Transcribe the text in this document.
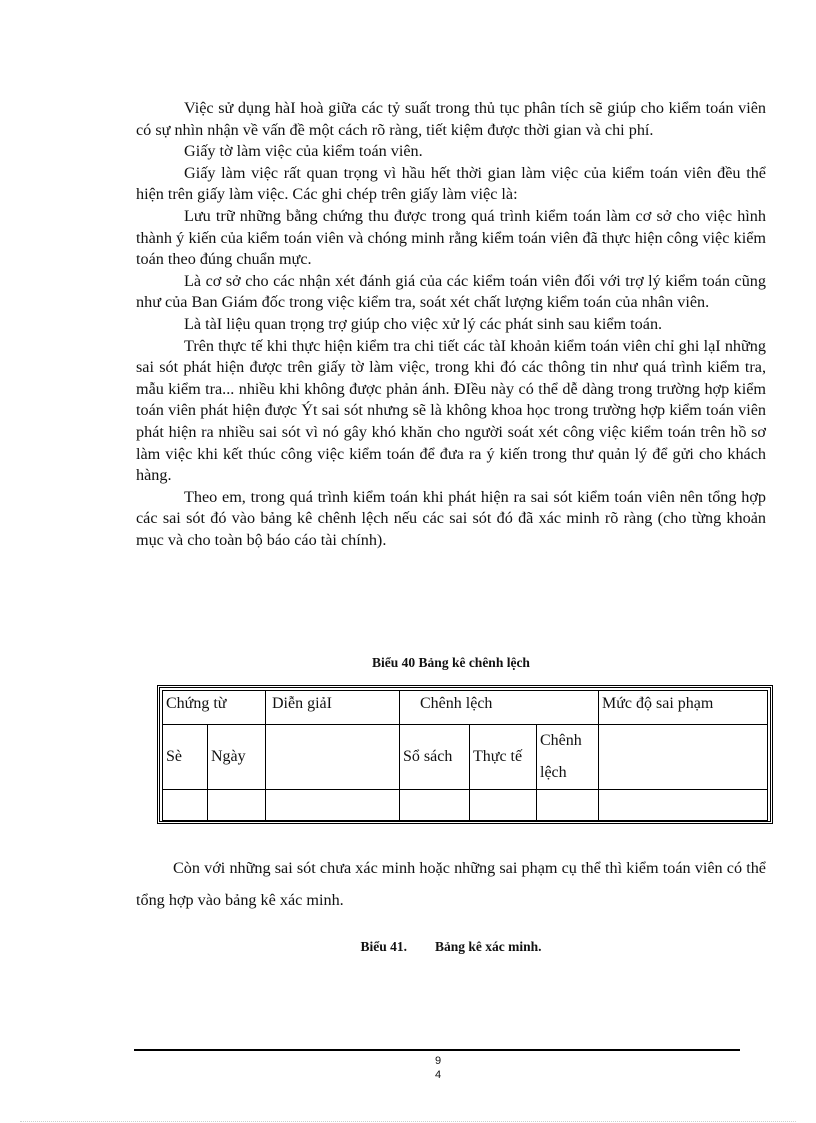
Việc sử dụng hàI hoà giữa các tỷ suất trong thủ tục phân tích sẽ giúp cho kiểm toán viên có sự nhìn nhận về vấn đề một cách rõ ràng, tiết kiệm được thời gian và chi phí.

Giấy tờ làm việc của kiểm toán viên.

Giấy làm việc rất quan trọng vì hầu hết thời gian làm việc của kiểm toán viên đều thể hiện trên giấy làm việc. Các ghi chép trên giấy làm việc là:

Lưu trữ những bằng chứng thu được trong quá trình kiểm toán làm cơ sở cho việc hình thành ý kiến của kiểm toán viên và chóng minh rằng kiểm toán viên đã thực hiện công việc kiểm toán theo đúng chuẩn mực.

Là cơ sở cho các nhận xét đánh giá của các kiểm toán viên đối với trợ lý kiểm toán cũng như của Ban Giám đốc trong việc kiểm tra, soát xét chất lượng kiểm toán của nhân viên.

Là tàI liệu quan trọng trợ giúp cho việc xử lý các phát sinh sau kiểm toán.

Trên thực tế khi thực hiện kiểm tra chi tiết các tàI khoản kiểm toán viên chỉ ghi lạI những sai sót phát hiện được trên giấy tờ làm việc, trong khi đó các thông tin như quá trình kiểm tra, mẫu kiểm tra... nhiều khi không được phản ánh. ĐIều này có thể dễ dàng trong trường hợp kiểm toán viên phát hiện được Ýt sai sót nhưng sẽ là không khoa học trong trường hợp kiểm toán viên phát hiện ra nhiều sai sót vì nó gây khó khăn cho người soát xét công việc kiểm toán trên hồ sơ làm việc khi kết thúc công việc kiểm toán để đưa ra ý kiến trong thư quản lý để gửi cho khách hàng.

Theo em, trong quá trình kiểm toán khi phát hiện ra sai sót kiểm toán viên nên tổng hợp các sai sót đó vào bảng kê chênh lệch nếu các sai sót đó đã xác minh rõ ràng (cho từng khoản mục và cho toàn bộ báo cáo tài chính).

Biểu 40 Bảng kê chênh lệch
Chứng từ		Diễn giảI	Chênh lệch			Mức độ sai phạm
Sè	Ngày		Sổ sách	Thực tế	Chênh lệch	

Còn với những sai sót chưa xác minh hoặc những sai phạm cụ thể thì kiểm toán viên có thể tổng hợp vào bảng kê xác minh.

Biểu 41. Bảng kê xác minh.
9
4
